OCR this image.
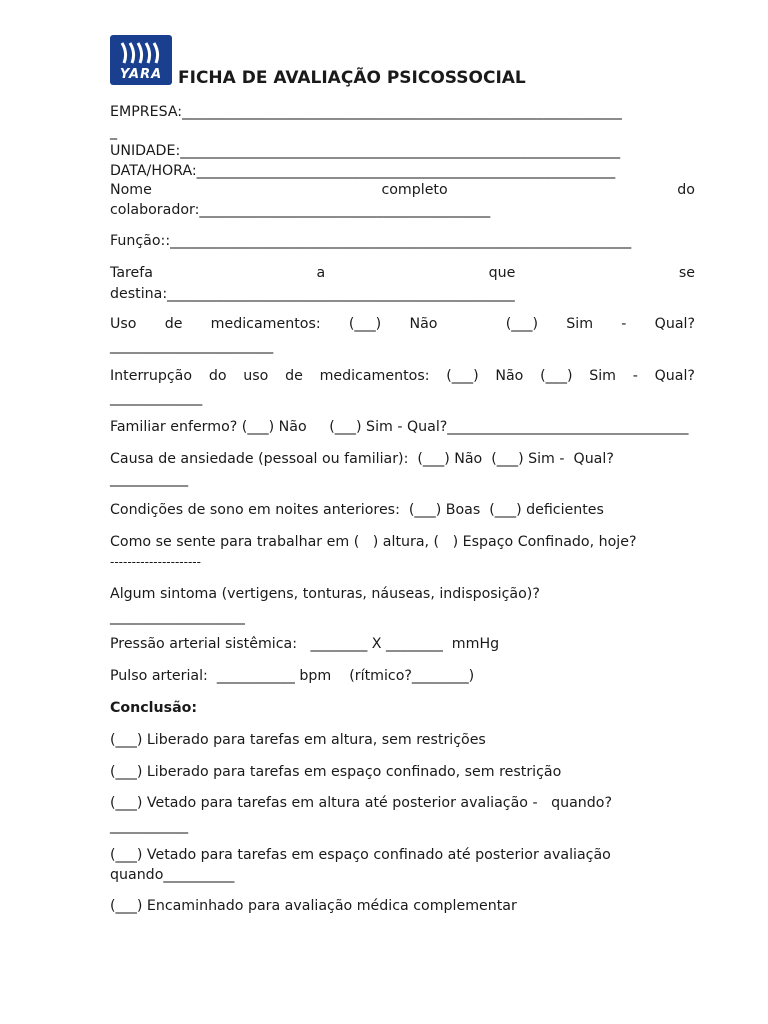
YARA FICHA DE AVALIAÇÃO PSICOSSOCIAL
EMPRESA:______________________________________________________________
_
UNIDADE:______________________________________________________________
DATA/HORA:___________________________________________________________
Nome	completo	do
colaborador:_________________________________________
Função::_________________________________________________________________
Tarefa	a	que	se
destina:_________________________________________________
Uso de medicamentos: (___) Não	(___) Sim - Qual?
_______________________
Interrupção do uso de medicamentos: (___) Não (___) Sim - Qual?
_____________
Familiar enfermo? (___) Não     (___) Sim - Qual?__________________________________
Causa de ansiedade (pessoal ou familiar):  (___) Não  (___) Sim -  Qual?
___________
Condições de sono em noites anteriores:  (___) Boas  (___) deficientes
Como se sente para trabalhar em (   ) altura, (   ) Espaço Confinado, hoje?
---------------------
Algum sintoma (vertigens, tonturas, náuseas, indisposição)?
___________________
Pressão arterial sistêmica:   ________ X ________  mmHg
Pulso arterial:  ___________ bpm    (rítmico?________)
Conclusão:
(___) Liberado para tarefas em altura, sem restrições
(___) Liberado para tarefas em espaço confinado, sem restrição
(___) Vetado para tarefas em altura até posterior avaliação -   quando?
___________
(___) Vetado para tarefas em espaço confinado até posterior avaliação
quando__________
(___) Encaminhado para avaliação médica complementar
